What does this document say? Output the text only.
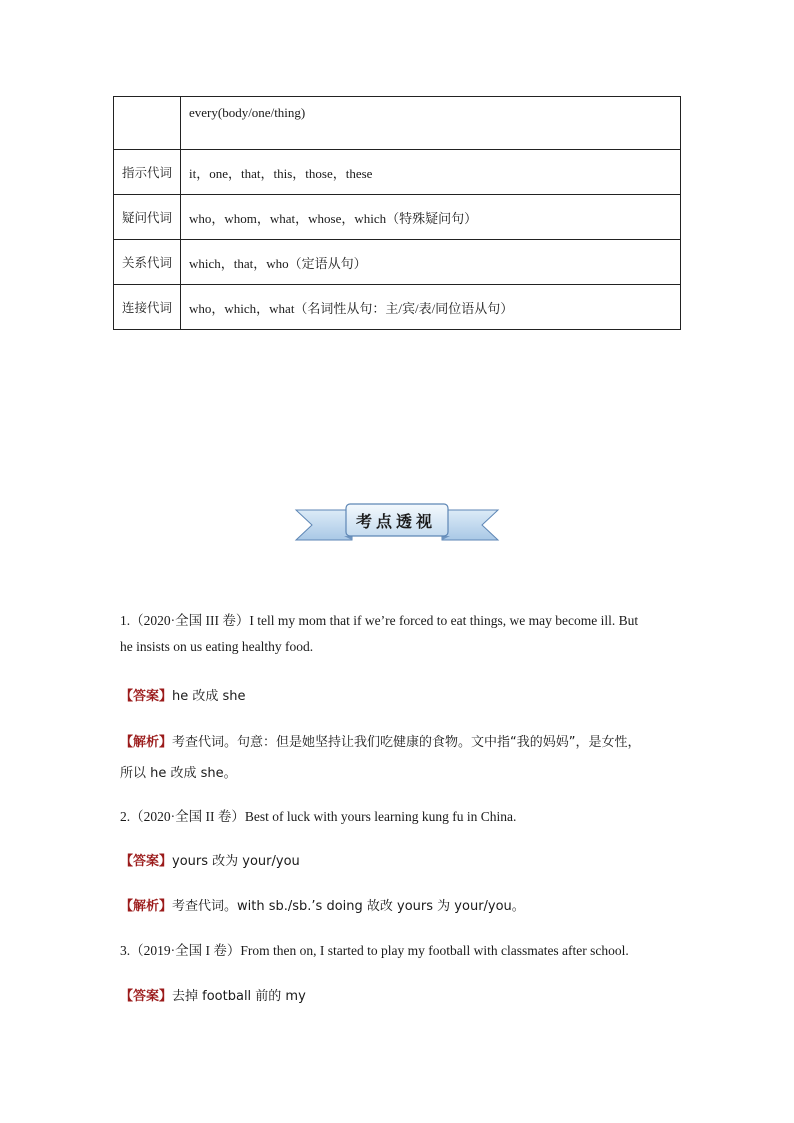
	every(body/one/thing)
指示代词	it，one，that，this，those，these
疑问代词	who，whom，what，whose，which（特殊疑问句）
关系代词	which，that，who（定语从句）
连接代词	who，which，what（名词性从句：主/宾/表/同位语从句）
考点透视
1.（2020·全国 III 卷）I tell my mom that if we’re forced to eat things, we may become ill. But
he insists on us eating healthy food.
【答案】he 改成 she
【解析】考查代词。句意：但是她坚持让我们吃健康的食物。文中指“我的妈妈”，是女性，
所以 he 改成 she。
2.（2020·全国 II 卷）Best of luck with yours learning kung fu in China.
【答案】yours 改为 your/you
【解析】考查代词。with sb./sb.’s doing 故改 yours 为 your/you。
3.（2019·全国 I 卷）From then on, I started to play my football with classmates after school.
【答案】去掉 football 前的 my
